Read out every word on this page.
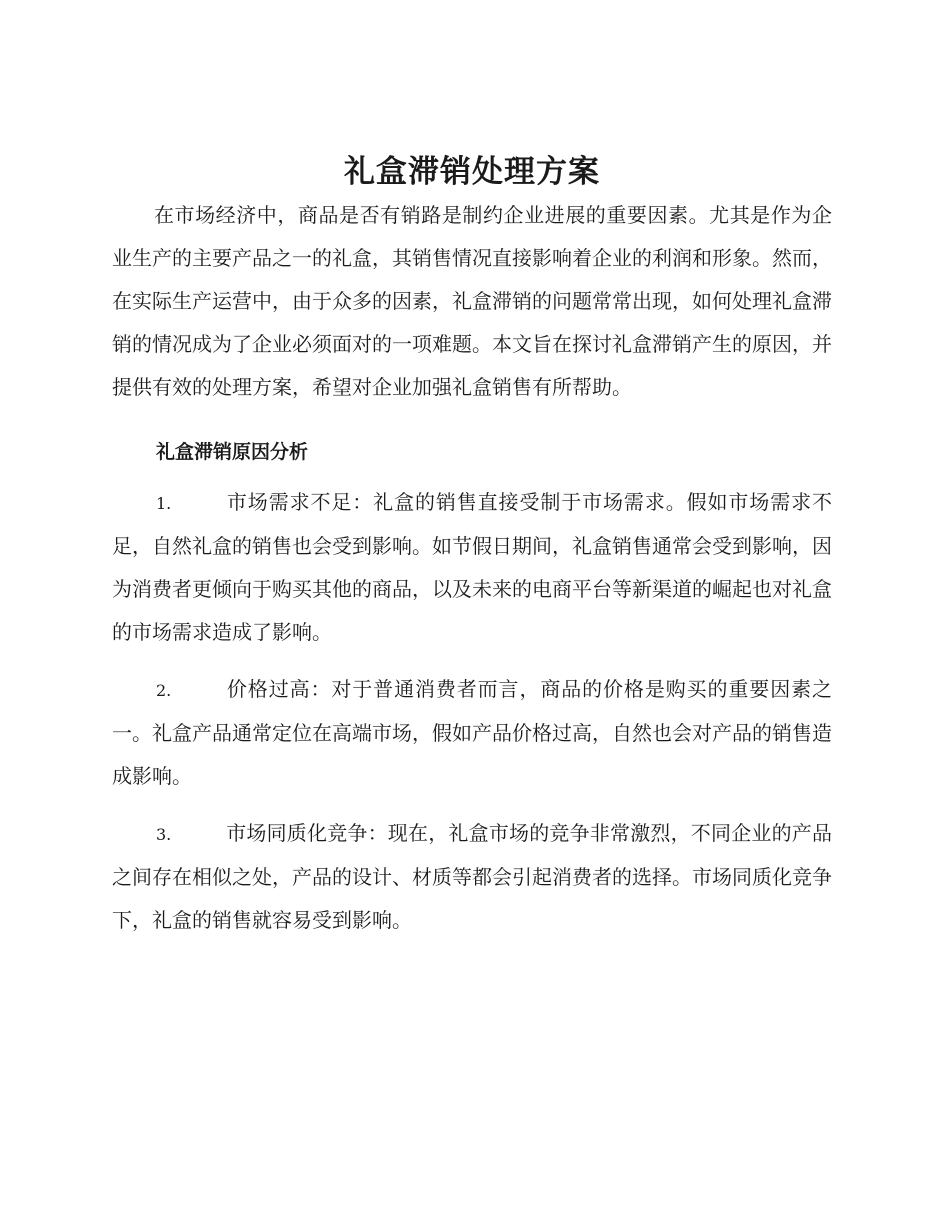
礼盒滞销处理方案

在市场经济中，商品是否有销路是制约企业进展的重要因素。尤其是作为企业生产的主要产品之一的礼盒，其销售情况直接影响着企业的利润和形象。然而，在实际生产运营中，由于众多的因素，礼盒滞销的问题常常出现，如何处理礼盒滞销的情况成为了企业必须面对的一项难题。本文旨在探讨礼盒滞销产生的原因，并提供有效的处理方案，希望对企业加强礼盒销售有所帮助。

礼盒滞销原因分析

1.	市场需求不足：礼盒的销售直接受制于市场需求。假如市场需求不足，自然礼盒的销售也会受到影响。如节假日期间，礼盒销售通常会受到影响，因为消费者更倾向于购买其他的商品，以及未来的电商平台等新渠道的崛起也对礼盒的市场需求造成了影响。

2.	价格过高：对于普通消费者而言，商品的价格是购买的重要因素之一。礼盒产品通常定位在高端市场，假如产品价格过高，自然也会对产品的销售造成影响。

3.	市场同质化竞争：现在，礼盒市场的竞争非常激烈，不同企业的产品之间存在相似之处，产品的设计、材质等都会引起消费者的选择。市场同质化竞争下，礼盒的销售就容易受到影响。
